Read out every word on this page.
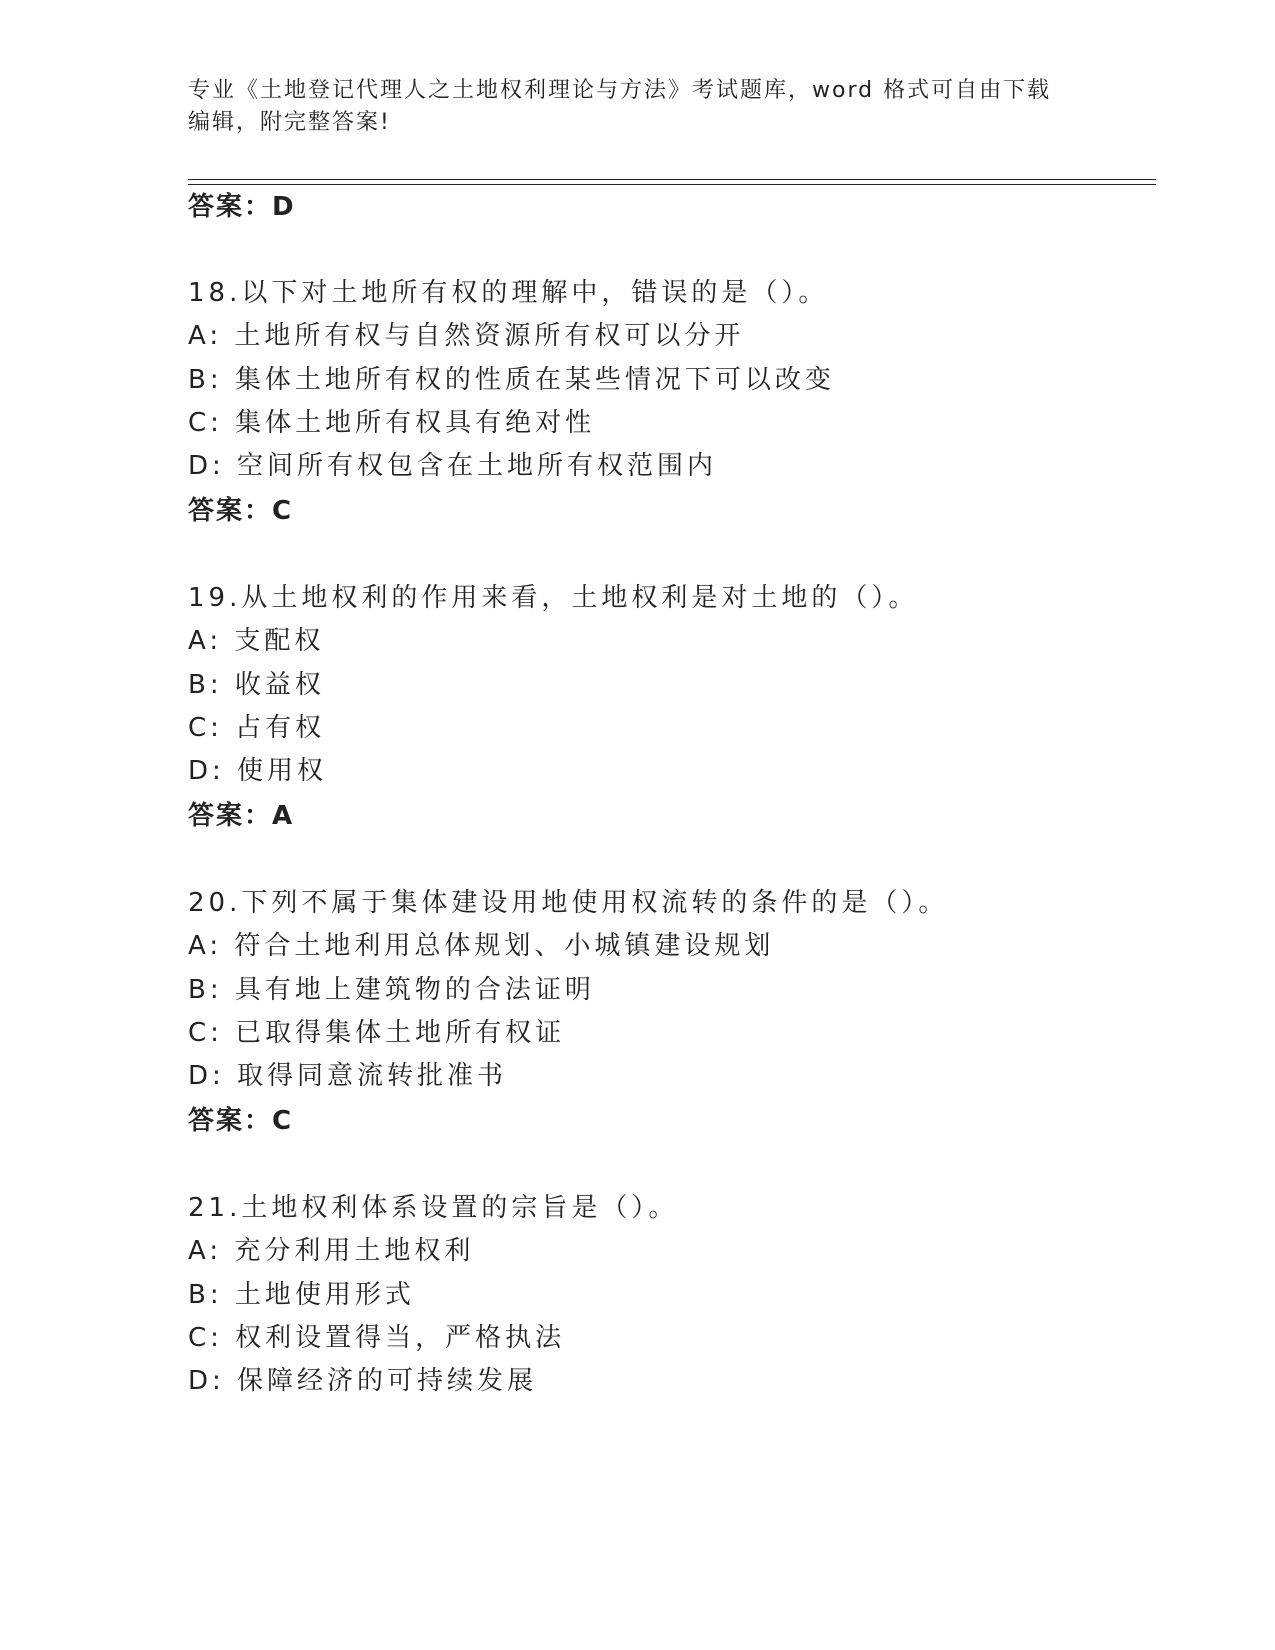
专业《土地登记代理人之土地权利理论与方法》考试题库，word 格式可自由下载
编辑，附完整答案!
答案：D
18.以下对土地所有权的理解中，错误的是（）。
A: 土地所有权与自然资源所有权可以分开
B: 集体土地所有权的性质在某些情况下可以改变
C: 集体土地所有权具有绝对性
D: 空间所有权包含在土地所有权范围内
答案：C
19.从土地权利的作用来看，土地权利是对土地的（）。
A: 支配权
B: 收益权
C: 占有权
D: 使用权
答案：A
20.下列不属于集体建设用地使用权流转的条件的是（）。
A: 符合土地利用总体规划、小城镇建设规划
B: 具有地上建筑物的合法证明
C: 已取得集体土地所有权证
D: 取得同意流转批准书
答案：C
21.土地权利体系设置的宗旨是（）。
A: 充分利用土地权利
B: 土地使用形式
C: 权利设置得当，严格执法
D: 保障经济的可持续发展
